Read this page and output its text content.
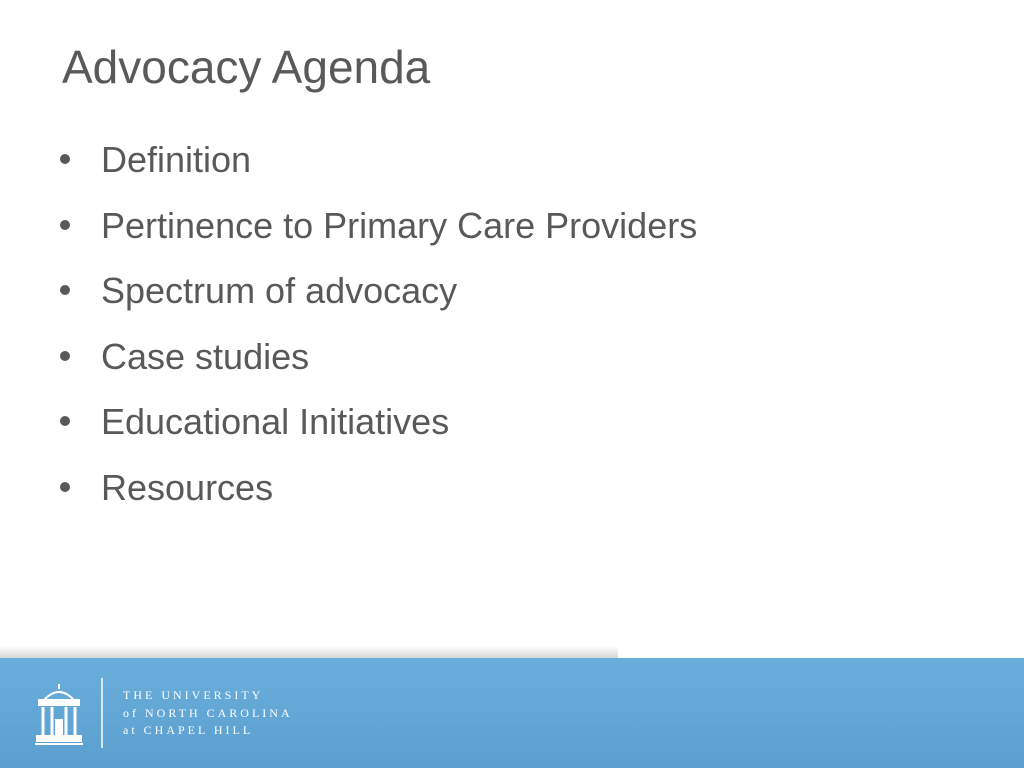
Advocacy Agenda
Definition
Pertinence to Primary Care Providers
Spectrum of advocacy
Case studies
Educational Initiatives
Resources
THE UNIVERSITY
of NORTH CAROLINA
at CHAPEL HILL
